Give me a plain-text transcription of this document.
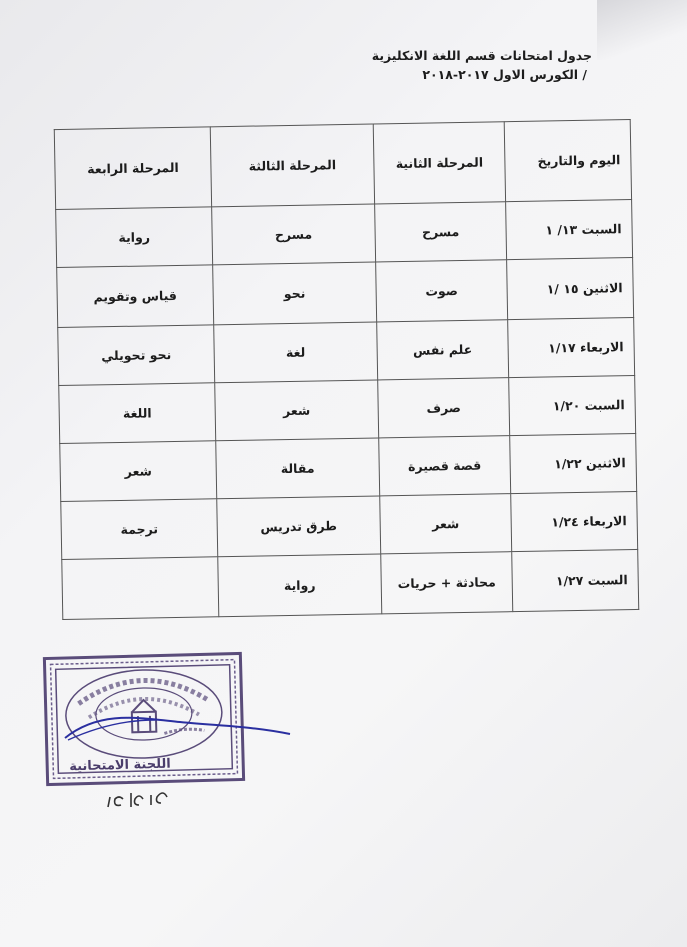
جدول امتحانات قسم اللغة الانكليزية
/ الكورس الاول ٢٠١٧-٢٠١٨
اليوم والتاريخ	المرحلة الثانية	المرحلة الثالثة	المرحلة الرابعة
السبت ١٣/ ١	مسرح	مسرح	رواية
الاثنين ١٥ /١	صوت	نحو	قياس وتقويم
الاربعاء ١/١٧	علم نفس	لغة	نحو تحويلي
السبت ١/٢٠	صرف	شعر	اللغة
الاثنين ١/٢٢	قصة قصيرة	مقالة	شعر
الاربعاء ١/٢٤	شعر	طرق تدريس	ترجمة
السبت ١/٢٧	محادثة + حريات	رواية	
اللجنة الامتحانية
